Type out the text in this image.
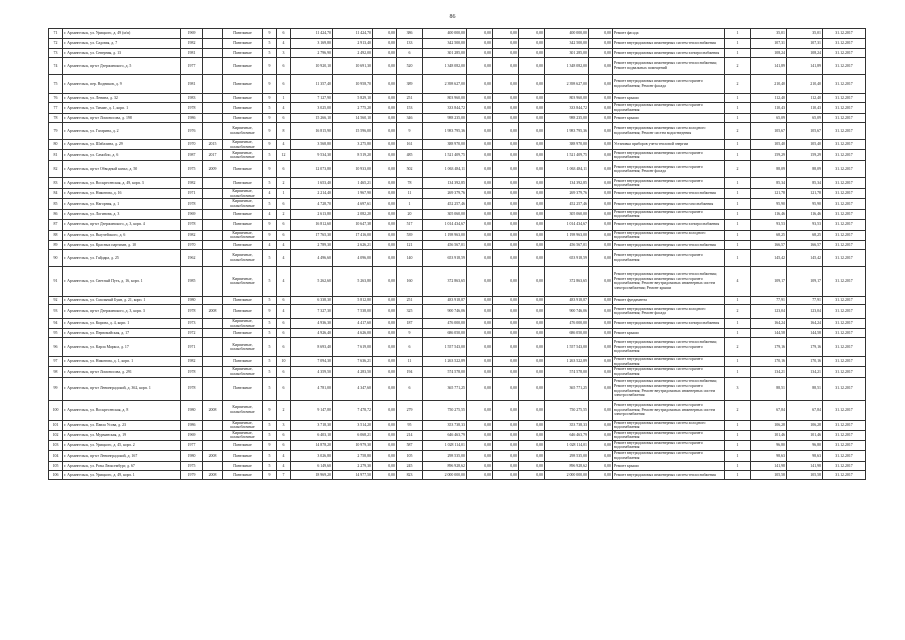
86
71	г. Архангельск, ул. Урицкого, д. 49 (м/п)	1969		Панельные	9	6	11 424,70	11 424,70	0,00	386	400 000,00	0,00	0,00	0,00	400 000,00	0,00	Ремонт фасада	1	35,01	35,01	31.12.2017
72	г. Архангельск, ул. Садовая, д. 7	1982		Панельные	5	4	3 169,80	2 913,40	0,00	133	342 500,00	0,00	0,00	0,00	342 500,00	0,00	Ремонт внутридомовых инженерных систем теплоснабжения	1	107,31	107,31	31.12.2017
73	г. Архангельск, ул. Северная, д. 13	1981		Панельные	5	3	2 796,90	2 492,00	0,00	6	301 285,00	0,00	0,00	0,00	301 285,00	0,00	Ремонт внутридомовых инженерных систем электроснабжения	1	108,24	108,24	31.12.2017
74	г. Архангельск, пр-кт Дзержинского, д. 5	1977		Панельные	9	6	10 920,10	10 691,30	0,00	520	1 348 082,00	0,00	0,00	0,00	1 348 082,00	0,00	Ремонт внутридомовых инженерных систем теплоснабжения; Ремонт подвальных помещений	2	141,89	141,89	31.12.2017
75	г. Архангельск, пер. Водников, д. 9	1981		Панельные	9	6	11 357,40	10 958,70	0,00	389	2 398 627,00	0,00	0,00	0,00	2 398 627,00	0,00	Ремонт внутридомовых инженерных систем горячего водоснабжения; Ремонт фасада	2	210,40	210,40	31.12.2017
76	г. Архангельск, ул. Ленина, д. 32	1983		Панельные	9	1	7 127,90	5 829,10	0,00	251	803 960,00	0,00	0,00	0,00	803 960,00	0,00	Ремонт крыши	1	112,40	112,40	31.12.2017
77	г. Архангельск, ул. Тимме, д. 1, корп. 1	1978		Панельные	5	4	3 025,00	2 775,20	0,00	153	333 844,72	0,00	0,00	0,00	333 844,72	0,00	Ремонт внутридомовых инженерных систем горячего водоснабжения	1	110,43	110,43	31.12.2017
78	г. Архангельск, пр-кт Ломоносова, д. 198	1986		Панельные	9	6	15 266,10	14 560,10	0,00	346	988 235,00	0,00	0,00	0,00	988 235,00	0,00	Ремонт крыши	1	65,09	65,09	31.12.2017
79	г. Архангельск, ул. Гагарина, д. 2	1976		Кирпичные, шлакоблочные	9	8	16 815,90	15 596,00	0,00	9	1 983 795,36	0,00	0,00	0,00	1 983 795,36	0,00	Ремонт внутридомовых инженерных систем холодного водоснабжения; Ремонт систем водоотведения	2	105,67	105,67	31.12.2017
80	г. Архангельск, ул. Шабалина, д. 29	1970	2015	Кирпичные, шлакоблочные	9	4	3 568,80	3 275,80	0,00	161	388 970,00	0,00	0,00	0,00	388 970,00	0,00	Установка приборов учета тепловой энергии	1	105,40	105,40	31.12.2017
81	г. Архангельск, ул. Самойло, д. 6	1987	2017	Кирпичные, шлакоблочные	5	12	9 534,30	8 519,20	0,00	485	1 521 409,75	0,00	0,00	0,00	1 521 409,75	0,00	Ремонт внутридомовых инженерных систем горячего водоснабжения	1	159,29	159,29	31.12.2017
82	г. Архангельск, пр-кт Обводный канал, д. 50	1975	2009	Панельные	9	6	12 073,80	10 933,00	0,00	502	1 063 484,11	0,00	0,00	0,00	1 063 484,11	0,00	Ремонт внутридомовых инженерных систем горячего водоснабжения; Ремонт фасада	2	88,09	88,09	31.12.2017
83	г. Архангельск, ул. Воскресенская, д. 49, корп. 3	1982		Панельные	5	2	1 653,40	1 465,21	0,00	78	134 392,85	0,00	0,00	0,00	134 392,85	0,00	Ремонт внутридомовых инженерных систем горячего водоснабжения	1	85,34	85,34	31.12.2017
84	г. Архангельск, ул. Никитова, д. 16	1971		Кирпичные, шлакоблочные	4	1	2 214,40	1 967,90	0,00	11	269 379,76	0,00	0,00	0,00	269 379,76	0,00	Ремонт внутридомовых инженерных систем теплоснабжения	1	121,78	121,78	31.12.2017
85	г. Архангельск, ул. Нагорная, д. 1	1978		Кирпичные, шлакоблочные	5	6	4 728,70	4 697,61	0,00	1	452 257,46	0,00	0,00	0,00	452 257,46	0,00	Ремонт внутридомовых инженерных систем газоснабжения	1	95,90	95,90	31.12.2017
86	г. Архангельск, ул. Логинова, д. 3	1969		Панельные	4	2	2 613,80	2 082,20	0,00	20	305 060,00	0,00	0,00	0,00	305 060,00	0,00	Ремонт внутридомовых инженерных систем горячего водоснабжения	1	116,46	116,46	31.12.2017
87	г. Архангельск, пр-кт Дзержинского, д. 3, корп. 4	1978		Панельные	9	6	16 812,60	10 647,38	0,00	517	1 014 434,67	0,00	0,00	0,00	1 014 434,67	0,00	Ремонт внутридомовых инженерных систем электроснабжения	1	93,53	93,53	31.12.2017
88	г. Архангельск, ул. Выучейского, д. 6	1982		Кирпичные, шлакоблочные	9	6	17 765,30	17 416,00	0,00	539	1 198 963,00	0,00	0,00	0,00	1 198 963,00	0,00	Ремонт внутридомовых инженерных систем холодного водоснабжения	1	68,25	68,25	31.12.2017
89	г. Архангельск, ул. Красных партизан, д. 10	1970		Панельные	4	4	2 789,30	2 626,21	0,00	121	456 567,01	0,00	0,00	0,00	456 567,01	0,00	Ремонт внутридомовых инженерных систем теплоснабжения	1	166,57	166,57	31.12.2017
90	г. Архангельск, ул. Гайдара, д. 25	1962		Кирпичные, шлакоблочные	5	4	4 496,60	4 096,00	0,00	140	653 918,59	0,00	0,00	0,00	653 918,59	0,00	Ремонт внутридомовых инженерных систем горячего водоснабжения	1	145,42	145,42	31.12.2017
91	г. Архангельск, ул. Светлый Путь, д. 16, корп. 1	1985		Кирпичные, шлакоблочные	5	4	5 262,60	5 263,80	0,00	160	372 863,65	0,00	0,00	0,00	372 863,65	0,00	Ремонт внутридомовых инженерных систем теплоснабжения; Ремонт внутридомовых инженерных систем горячего водоснабжения; Ремонт внутридомовых инженерных систем электроснабжения; Ремонт крыши	4	109,17	109,17	31.12.2017
92	г. Архангельск, ул. Смольный Буян, д. 21, корп. 1	1980		Панельные	5	6	6 338,30	5 812,80	0,00	251	483 918,87	0,00	0,00	0,00	483 918,87	0,00	Ремонт фундамента	1	77,91	77,91	31.12.2017
93	г. Архангельск, пр-кт Дзержинского, д. 3, корп. 3	1978	2008	Панельные	9	4	7 327,30	7 538,00	0,00	325	900 746,06	0,00	0,00	0,00	900 746,06	0,00	Ремонт внутридомовых инженерных систем холодного водоснабжения; Ремонт фасада	2	123,04	123,04	31.12.2017
94	г. Архангельск, ул. Кирова, д. 4, корп. 1	1973		Кирпичные, шлакоблочные	5	6	4 936,30	4 417,60	0,00	187	476 000,00	0,00	0,00	0,00	476 000,00	0,00	Ремонт внутридомовых инженерных систем электроснабжения	1	164,24	164,24	31.12.2017
95	г. Архангельск, ул. Первомайская, д. 17	1972		Панельные	5	6	4 926,40	4 626,00	0,00	9	686 050,00	0,00	0,00	0,00	686 050,00	0,00	Ремонт крыши	1	144,58	144,58	31.12.2017
96	г. Архангельск, ул. Карла Маркса, д. 17	1971		Кирпичные, шлакоблочные	5	6	8 693,40	7 619,00	0,00	6	1 557 543,00	0,00	0,00	0,00	1 557 543,00	0,00	Ремонт внутридомовых инженерных систем теплоснабжения; Ремонт внутридомовых инженерных систем горячего водоснабжения	2	179,16	179,16	31.12.2017
97	г. Архангельск, ул. Никитова, д. 1, корп. 1	1982		Панельные	5	10	7 094,30	7 636,21	0,00	11	1 263 522,89	0,00	0,00	0,00	1 263 522,89	0,00	Ремонт внутридомовых инженерных систем горячего водоснабжения	1	170,16	170,16	31.12.2017
98	г. Архангельск, пр-кт Ломоносова, д. 291	1978		Кирпичные, шлакоблочные	5	6	4 359,50	4 283,50	0,00	194	574 578,00	0,00	0,00	0,00	574 578,00	0,00	Ремонт внутридомовых инженерных систем горячего водоснабжения	1	134,21	134,21	31.12.2017
99	г. Архангельск, пр-кт Ленинградский, д. 362, корп. 1	1978		Панельные	5	6	4 781,00	4 347,60	0,00	6	365 771,25	0,00	0,00	0,00	365 771,25	0,00	Ремонт внутридомовых инженерных систем теплоснабжения; Ремонт внутридомовых инженерных систем горячего водоснабжения; Ремонт внутридомовых инженерных систем электроснабжения	3	88,51	88,51	31.12.2017
100	г. Архангельск, ул. Воскресенская, д. 8	1980	2008	Кирпичные, шлакоблочные	9	2	9 147,80	7 478,72	0,00	279	750 275,55	0,00	0,00	0,00	750 275,55	0,00	Ремонт внутридомовых инженерных систем горячего водоснабжения; Ремонт внутридомовых инженерных систем электроснабжения	2	67,84	67,84	31.12.2017
101	г. Архангельск, ул. Павла Усова, д. 23	1986		Кирпичные, шлакоблочные	5	3	3 718,30	3 514,20	0,00	95	353 738,33	0,00	0,00	0,00	353 738,33	0,00	Ремонт внутридомовых инженерных систем холодного водоснабжения	1	106,28	106,28	31.12.2017
102	г. Архангельск, ул. Мурманская, д. 19	1969		Кирпичные, шлакоблочные	5	6	6 403,10	6 068,21	0,00	214	646 463,79	0,00	0,00	0,00	646 463,79	0,00	Ремонт внутридомовых инженерных систем горячего водоснабжения	1	101,46	101,46	31.12.2017
103	г. Архангельск, ул. Урицкого, д. 45, корп. 2	1977		Панельные	9	6	14 878,20	10 979,30	0,00	587	1 028 114,01	0,00	0,00	0,00	1 028 114,01	0,00	Ремонт внутридомовых инженерных систем горячего водоснабжения	1	96,80	96,80	31.12.2017
104	г. Архангельск, пр-кт Ленинградский, д. 167	1980	2008	Панельные	5	4	3 026,80	2 758,80	0,00	105	298 535,00	0,00	0,00	0,00	298 535,00	0,00	Ремонт внутридомовых инженерных систем горячего водоснабжения	1	98,63	98,63	31.12.2017
105	г. Архангельск, ул. Розы Люксембург, д. 67	1975		Панельные	5	4	6 149,60	2 279,30	0,00	245	896 928,62	0,00	0,00	0,00	896 928,62	0,00	Ремонт крыши	1	141,98	141,98	31.12.2017
106	г. Архангельск, ул. Урицкого, д. 49, корп. 1	1979	2008	Панельные	9	7	18 969,20	14 977,50	0,00	823	2 000 000,00	0,00	0,00	0,00	2 000 000,00	0,00	Ремонт внутридомовых инженерных систем теплоснабжения	1	105,58	105,58	31.12.2017
